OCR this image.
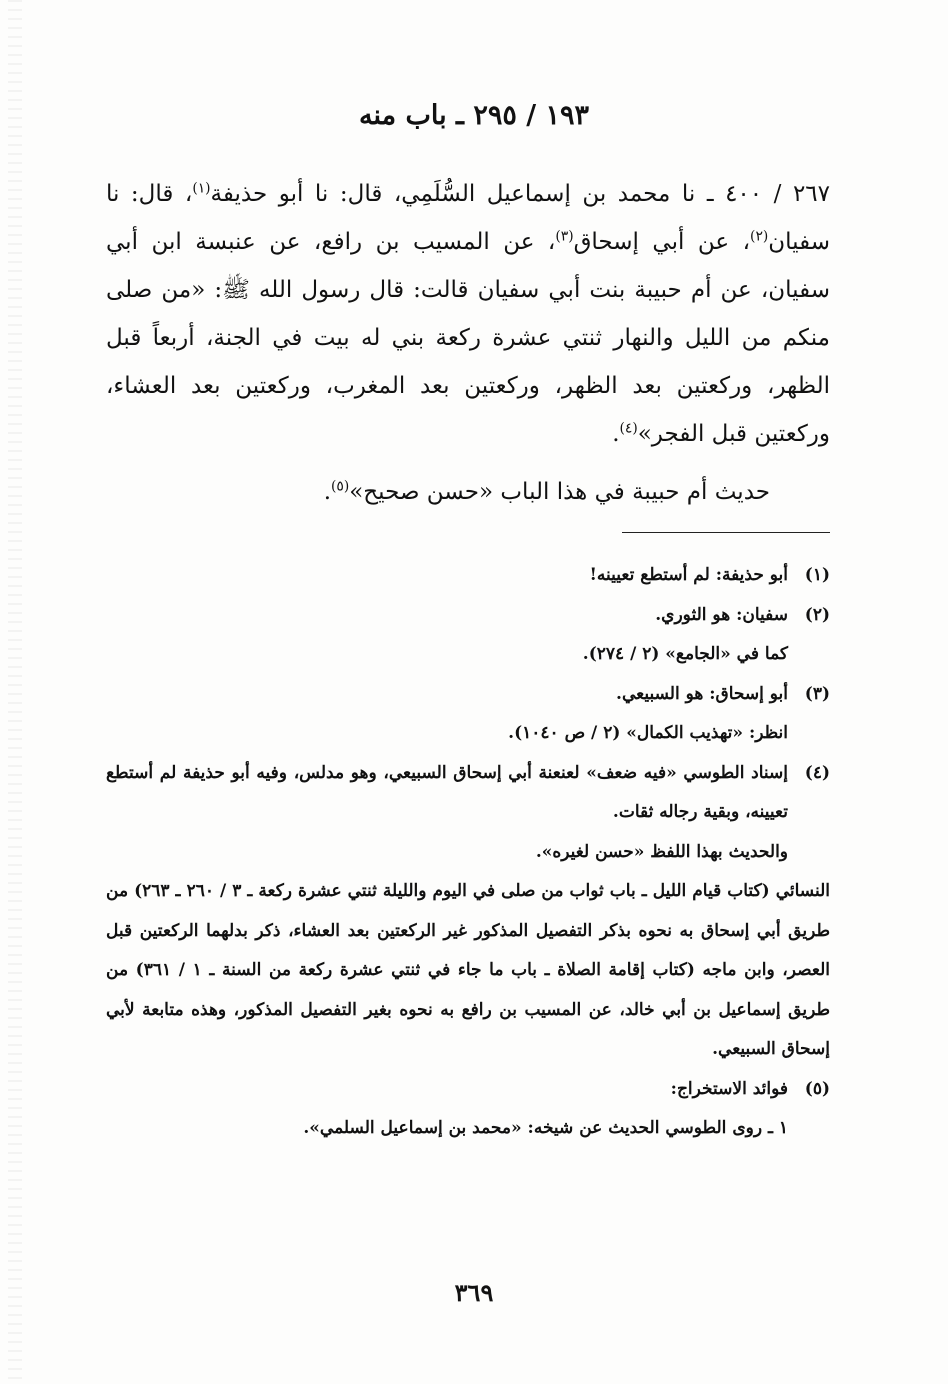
١٩٣ / ٢٩٥ ـ باب منه
٢٦٧ / ٤٠٠ ـ نا محمد بن إسماعيل السُّلَمِي، قال: نا أبو حذيفة$^{(١)}$، قال: نا سفيان$^{(٢)}$، عن أبي إسحاق$^{(٣)}$، عن المسيب بن رافع، عن عنبسة ابن أبي سفيان، عن أم حبيبة بنت أبي سفيان قالت: قال رسول الله ﷺ: «من صلى منكم من الليل والنهار ثنتي عشرة ركعة بني له بيت في الجنة، أربعاً قبل الظهر، وركعتين بعد الظهر، وركعتين بعد المغرب، وركعتين بعد العشاء، وركعتين قبل الفجر»$^{(٤)}$.
حديث أم حبيبة في هذا الباب «حسن صحيح»$^{(٥)}$.
(١)
أبو حذيفة: لم أستطع تعيينه!
(٢)
سفيان: هو الثوري.
كما في «الجامع» (٢ / ٢٧٤).
(٣)
أبو إسحاق: هو السبيعي.
انظر: «تهذيب الكمال» (٢ / ص ١٠٤٠).
(٤)
إسناد الطوسي «فيه ضعف» لعنعنة أبي إسحاق السبيعي، وهو مدلس، وفيه أبو حذيفة لم أستطع تعيينه، وبقية رجاله ثقات.
والحديث بهذا اللفظ «حسن لغيره».
النسائي (كتاب قيام الليل ـ باب ثواب من صلى في اليوم والليلة ثنتي عشرة ركعة ـ ٣ / ٢٦٠ ـ ٢٦٣) من طريق أبي إسحاق به نحوه بذكر التفصيل المذكور غير الركعتين بعد العشاء، ذكر بدلهما الركعتين قبل العصر، وابن ماجه (كتاب إقامة الصلاة ـ باب ما جاء في ثنتي عشرة ركعة من السنة ـ ١ / ٣٦١) من طريق إسماعيل بن أبي خالد، عن المسيب بن رافع به نحوه بغير التفصيل المذكور، وهذه متابعة لأبي إسحاق السبيعي.
(٥)
فوائد الاستخراج:
١ ـ روى الطوسي الحديث عن شيخه: «محمد بن إسماعيل السلمي».
٣٦٩
